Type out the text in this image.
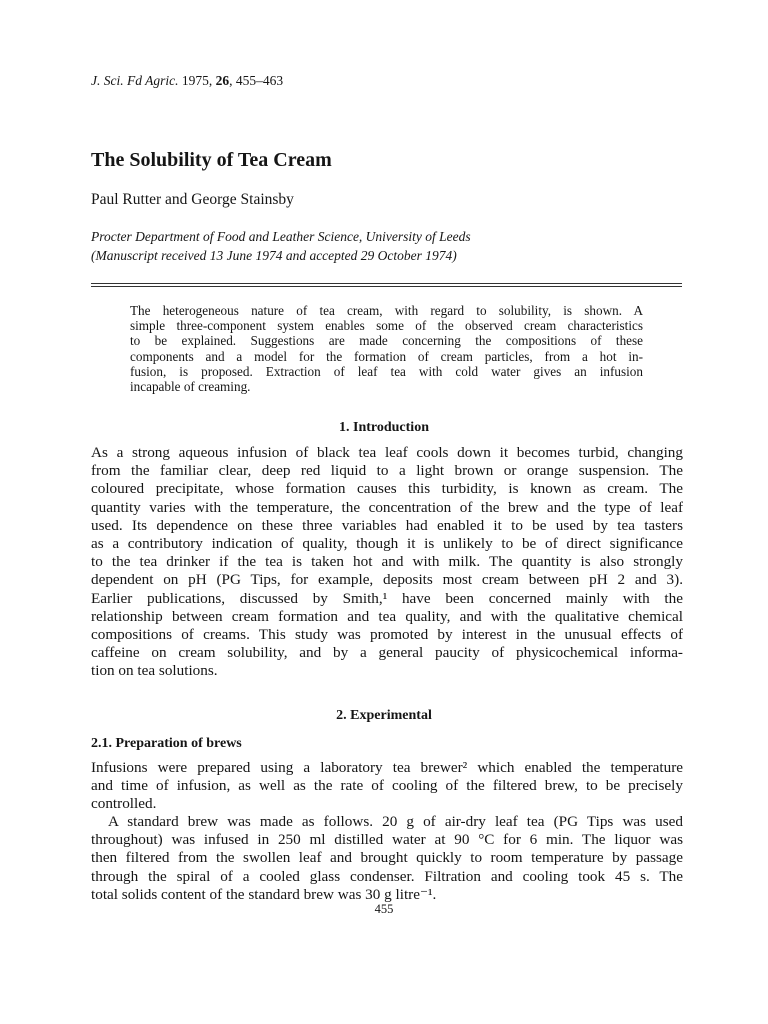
J. Sci. Fd Agric. 1975, 26, 455–463
The Solubility of Tea Cream
Paul Rutter and George Stainsby
Procter Department of Food and Leather Science, University of Leeds
(Manuscript received 13 June 1974 and accepted 29 October 1974)
The heterogeneous nature of tea cream, with regard to solubility, is shown. A
simple three-component system enables some of the observed cream characteristics
to be explained. Suggestions are made concerning the compositions of these
components and a model for the formation of cream particles, from a hot in-
fusion, is proposed. Extraction of leaf tea with cold water gives an infusion
incapable of creaming.
1. Introduction
As a strong aqueous infusion of black tea leaf cools down it becomes turbid, changing
from the familiar clear, deep red liquid to a light brown or orange suspension. The
coloured precipitate, whose formation causes this turbidity, is known as cream. The
quantity varies with the temperature, the concentration of the brew and the type of leaf
used. Its dependence on these three variables had enabled it to be used by tea tasters
as a contributory indication of quality, though it is unlikely to be of direct significance
to the tea drinker if the tea is taken hot and with milk. The quantity is also strongly
dependent on pH (PG Tips, for example, deposits most cream between pH 2 and 3).
Earlier publications, discussed by Smith,¹ have been concerned mainly with the
relationship between cream formation and tea quality, and with the qualitative chemical
compositions of creams. This study was promoted by interest in the unusual effects of
caffeine on cream solubility, and by a general paucity of physicochemical informa-
tion on tea solutions.
2. Experimental
2.1. Preparation of brews
Infusions were prepared using a laboratory tea brewer² which enabled the temperature
and time of infusion, as well as the rate of cooling of the filtered brew, to be precisely
controlled.
A standard brew was made as follows. 20 g of air-dry leaf tea (PG Tips was used
throughout) was infused in 250 ml distilled water at 90 °C for 6 min. The liquor was
then filtered from the swollen leaf and brought quickly to room temperature by passage
through the spiral of a cooled glass condenser. Filtration and cooling took 45 s. The
total solids content of the standard brew was 30 g litre⁻¹.
455
